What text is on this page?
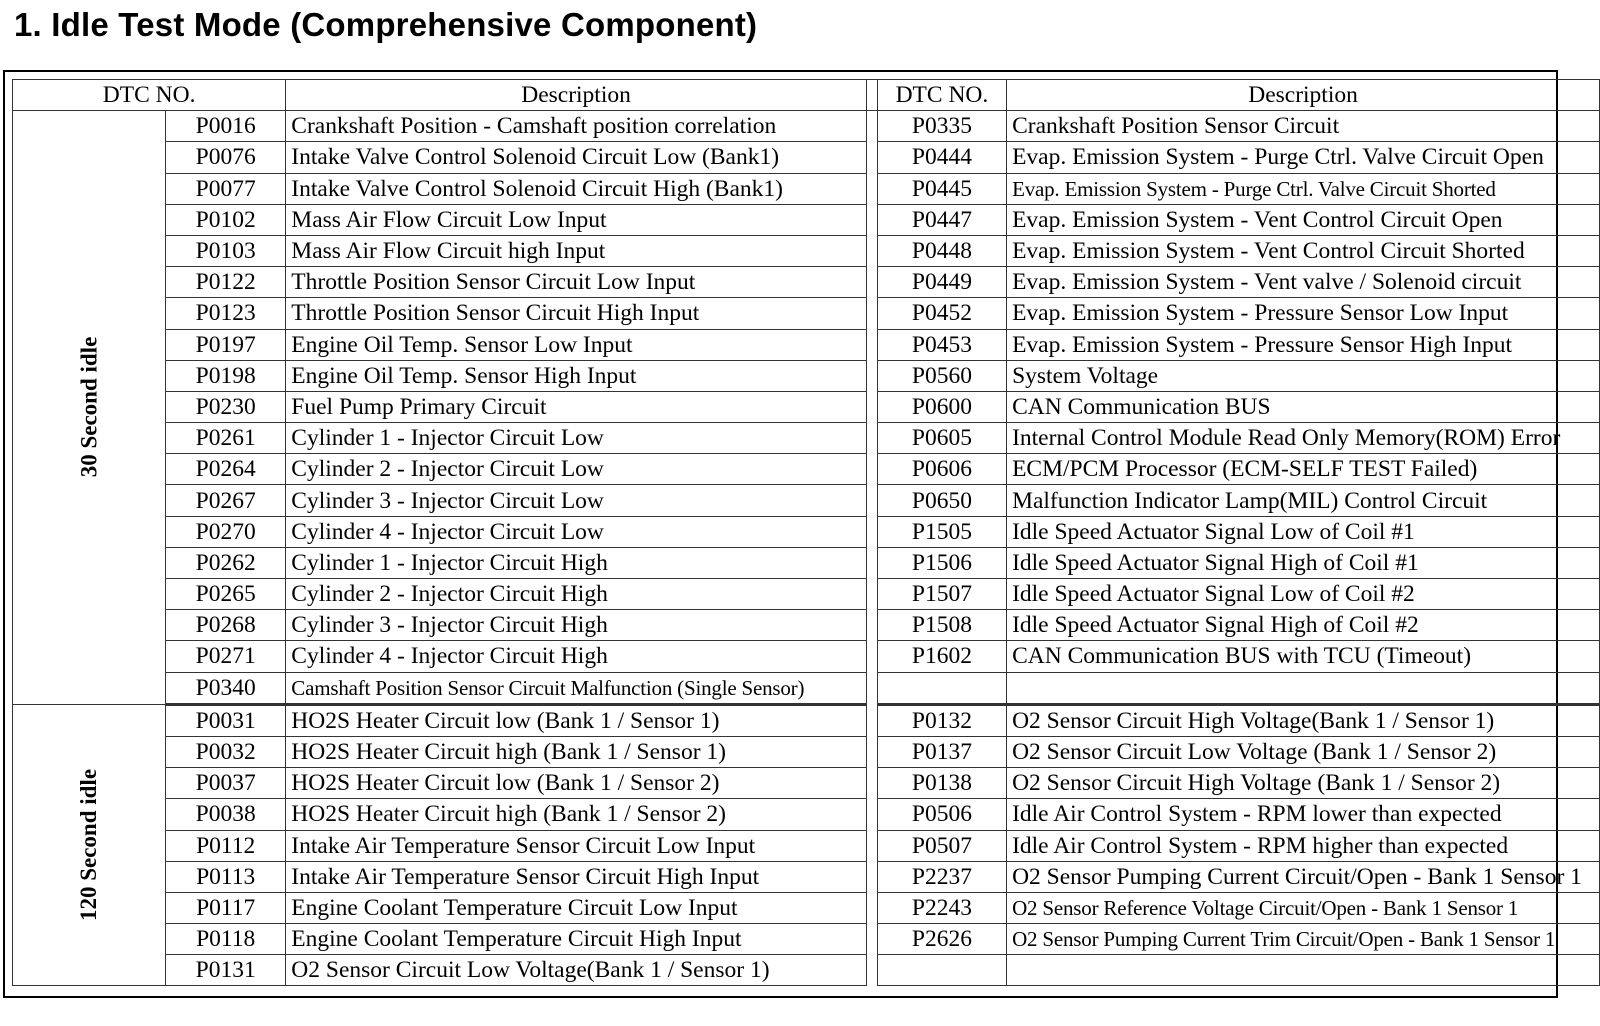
1. Idle Test Mode (Comprehensive Component)
DTC NO.		Description		DTC NO.	Description
30 Second idle	P0016	Crankshaft Position - Camshaft position correlation		P0335	Crankshaft Position Sensor Circuit
	P0076	Intake Valve Control Solenoid Circuit Low (Bank1)		P0444	Evap. Emission System - Purge Ctrl. Valve Circuit Open
	P0077	Intake Valve Control Solenoid Circuit High (Bank1)		P0445	Evap. Emission System - Purge Ctrl. Valve Circuit Shorted
	P0102	Mass Air Flow Circuit Low Input		P0447	Evap. Emission System - Vent Control Circuit Open
	P0103	Mass Air Flow Circuit high Input		P0448	Evap. Emission System - Vent Control Circuit Shorted
	P0122	Throttle Position Sensor Circuit Low Input		P0449	Evap. Emission System - Vent valve / Solenoid circuit
	P0123	Throttle Position Sensor Circuit High Input		P0452	Evap. Emission System - Pressure Sensor Low Input
	P0197	Engine Oil Temp. Sensor Low Input		P0453	Evap. Emission System - Pressure Sensor High Input
	P0198	Engine Oil Temp. Sensor High Input		P0560	System Voltage
	P0230	Fuel Pump Primary Circuit		P0600	CAN Communication BUS
	P0261	Cylinder 1 - Injector Circuit Low		P0605	Internal Control Module Read Only Memory(ROM) Error
	P0264	Cylinder 2 - Injector Circuit Low		P0606	ECM/PCM Processor (ECM-SELF TEST Failed)
	P0267	Cylinder 3 - Injector Circuit Low		P0650	Malfunction Indicator Lamp(MIL) Control Circuit
	P0270	Cylinder 4 - Injector Circuit Low		P1505	Idle Speed Actuator Signal Low of Coil #1
	P0262	Cylinder 1 - Injector Circuit High		P1506	Idle Speed Actuator Signal High of Coil #1
	P0265	Cylinder 2 - Injector Circuit High		P1507	Idle Speed Actuator Signal Low of Coil #2
	P0268	Cylinder 3 - Injector Circuit High		P1508	Idle Speed Actuator Signal High of Coil #2
	P0271	Cylinder 4 - Injector Circuit High		P1602	CAN Communication BUS with TCU (Timeout)
	P0340	Camshaft Position Sensor Circuit Malfunction (Single Sensor)			
120 Second idle	P0031	HO2S Heater Circuit low (Bank 1 / Sensor 1)		P0132	O2 Sensor Circuit High Voltage(Bank 1 / Sensor 1)
	P0032	HO2S Heater Circuit high (Bank 1 / Sensor 1)		P0137	O2 Sensor Circuit Low Voltage (Bank 1 / Sensor 2)
	P0037	HO2S Heater Circuit low (Bank 1 / Sensor 2)		P0138	O2 Sensor Circuit High Voltage (Bank 1 / Sensor 2)
	P0038	HO2S Heater Circuit high (Bank 1 / Sensor 2)		P0506	Idle Air Control System - RPM lower than expected
	P0112	Intake Air Temperature Sensor Circuit Low Input		P0507	Idle Air Control System - RPM higher than expected
	P0113	Intake Air Temperature Sensor Circuit High Input		P2237	O2 Sensor Pumping Current Circuit/Open - Bank 1 Sensor 1
	P0117	Engine Coolant Temperature Circuit Low Input		P2243	O2 Sensor Reference Voltage Circuit/Open - Bank 1 Sensor 1
	P0118	Engine Coolant Temperature Circuit High Input		P2626	O2 Sensor Pumping Current Trim Circuit/Open - Bank 1 Sensor 1
	P0131	O2 Sensor Circuit Low Voltage(Bank 1 / Sensor 1)			
